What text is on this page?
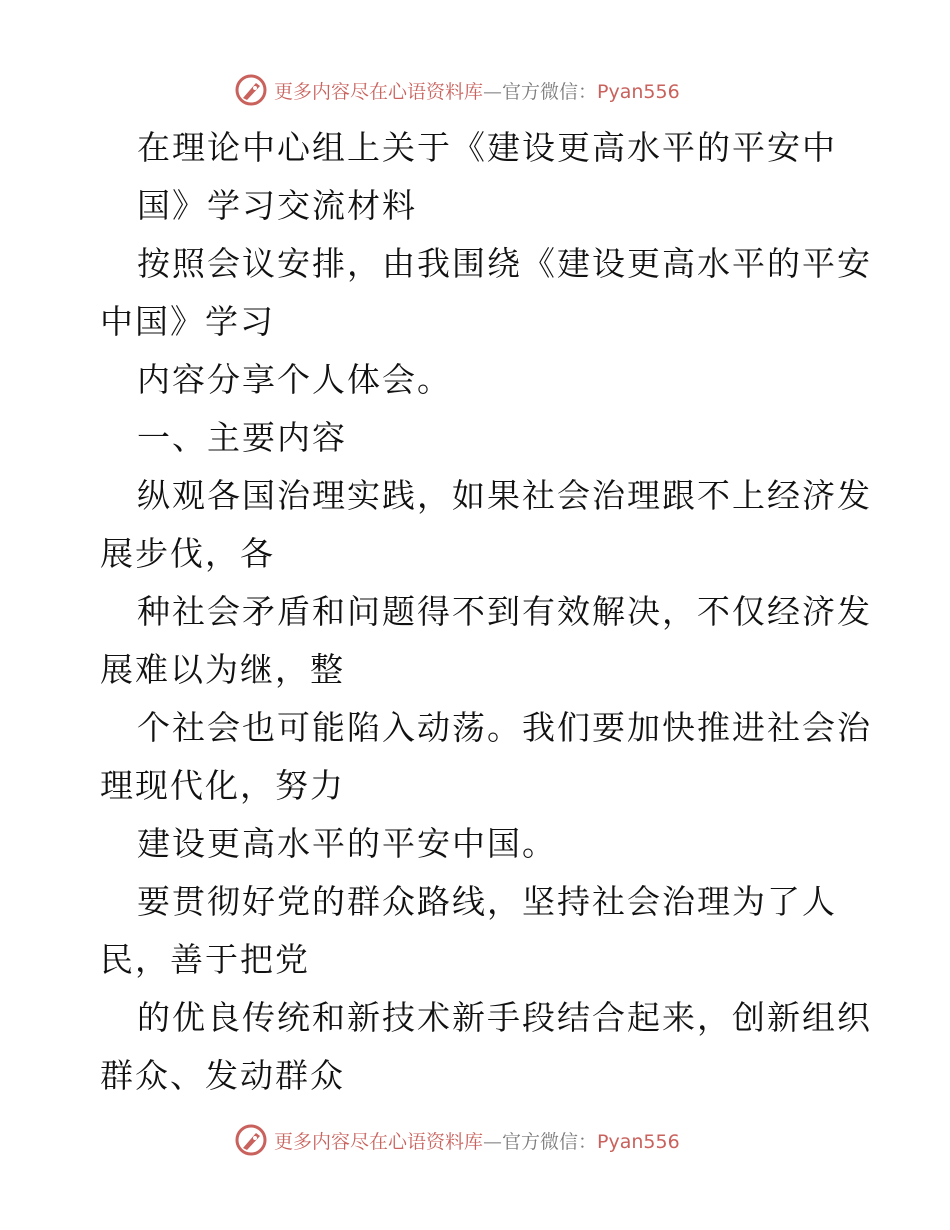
更多内容尽在心语资料库—官方微信：Pyan556
在理论中心组上关于《建设更高水平的平安中
国》学习交流材料
按照会议安排，由我围绕《建设更高水平的平安
中国》学习
内容分享个人体会。
一、主要内容
纵观各国治理实践，如果社会治理跟不上经济发
展步伐，各
种社会矛盾和问题得不到有效解决，不仅经济发
展难以为继，整
个社会也可能陷入动荡。我们要加快推进社会治
理现代化，努力
建设更高水平的平安中国。
要贯彻好党的群众路线，坚持社会治理为了人
民，善于把党
的优良传统和新技术新手段结合起来，创新组织
群众、发动群众
更多内容尽在心语资料库—官方微信：Pyan556
